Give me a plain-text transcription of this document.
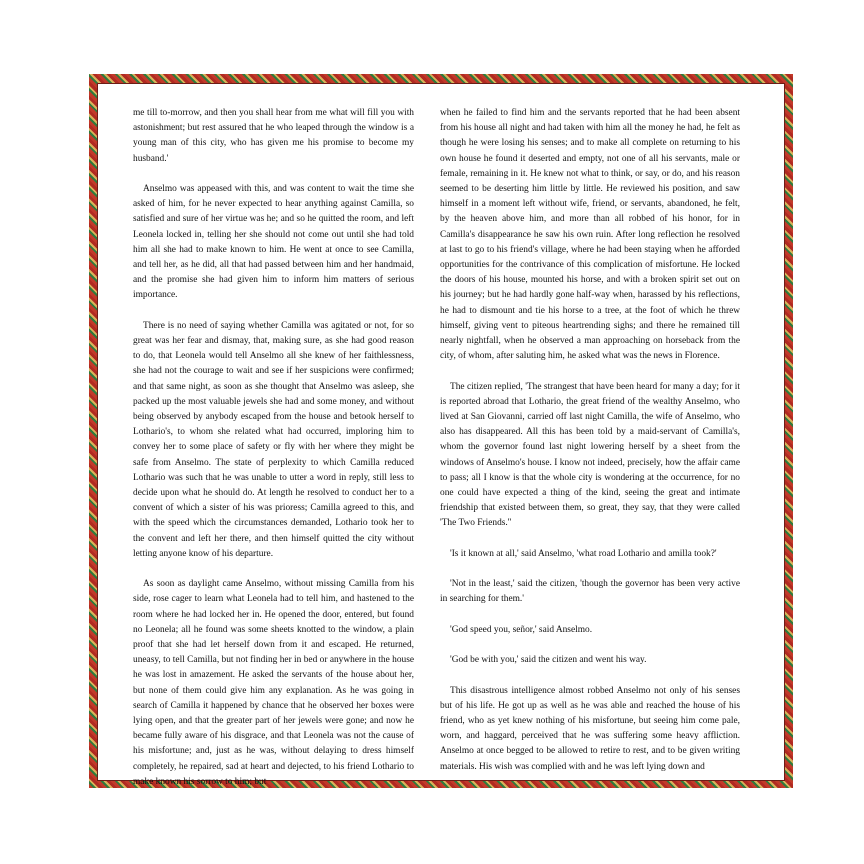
me till to-morrow, and then you shall hear from me what will fill you with astonishment; but rest assured that he who leaped through the window is a young man of this city, who has given me his promise to become my husband.'

Anselmo was appeased with this, and was content to wait the time she asked of him, for he never expected to hear anything against Camilla, so satisfied and sure of her virtue was he; and so he quitted the room, and left Leonela locked in, telling her she should not come out until she had told him all she had to make known to him. He went at once to see Camilla, and tell her, as he did, all that had passed between him and her handmaid, and the promise she had given him to inform him matters of serious importance.

There is no need of saying whether Camilla was agitated or not, for so great was her fear and dismay, that, making sure, as she had good reason to do, that Leonela would tell Anselmo all she knew of her faithlessness, she had not the courage to wait and see if her suspicions were confirmed; and that same night, as soon as she thought that Anselmo was asleep, she packed up the most valuable jewels she had and some money, and without being observed by anybody escaped from the house and betook herself to Lothario's, to whom she related what had occurred, imploring him to convey her to some place of safety or fly with her where they might be safe from Anselmo. The state of perplexity to which Camilla reduced Lothario was such that he was unable to utter a word in reply, still less to decide upon what he should do. At length he resolved to conduct her to a convent of which a sister of his was prioress; Camilla agreed to this, and with the speed which the circumstances demanded, Lothario took her to the convent and left her there, and then himself quitted the city without letting anyone know of his departure.

As soon as daylight came Anselmo, without missing Camilla from his side, rose cager to learn what Leonela had to tell him, and hastened to the room where he had locked her in. He opened the door, entered, but found no Leonela; all he found was some sheets knotted to the window, a plain proof that she had let herself down from it and escaped. He returned, uneasy, to tell Camilla, but not finding her in bed or anywhere in the house he was lost in amazement. He asked the servants of the house about her, but none of them could give him any explanation. As he was going in search of Camilla it happened by chance that he observed her boxes were lying open, and that the greater part of her jewels were gone; and now he became fully aware of his disgrace, and that Leonela was not the cause of his misfortune; and, just as he was, without delaying to dress himself completely, he repaired, sad at heart and dejected, to his friend Lothario to make known his sorrow to him; but

when he failed to find him and the servants reported that he had been absent from his house all night and had taken with him all the money he had, he felt as though he were losing his senses; and to make all complete on returning to his own house he found it deserted and empty, not one of all his servants, male or female, remaining in it. He knew not what to think, or say, or do, and his reason seemed to be deserting him little by little. He reviewed his position, and saw himself in a moment left without wife, friend, or servants, abandoned, he felt, by the heaven above him, and more than all robbed of his honor, for in Camilla's disappearance he saw his own ruin. After long reflection he resolved at last to go to his friend's village, where he had been staying when he afforded opportunities for the contrivance of this complication of misfortune. He locked the doors of his house, mounted his horse, and with a broken spirit set out on his journey; but he had hardly gone half-way when, harassed by his reflections, he had to dismount and tie his horse to a tree, at the foot of which he threw himself, giving vent to piteous heartrending sighs; and there he remained till nearly nightfall, when he observed a man approaching on horseback from the city, of whom, after saluting him, he asked what was the news in Florence.

The citizen replied, 'The strangest that have been heard for many a day; for it is reported abroad that Lothario, the great friend of the wealthy Anselmo, who lived at San Giovanni, carried off last night Camilla, the wife of Anselmo, who also has disappeared. All this has been told by a maid-servant of Camilla's, whom the governor found last night lowering herself by a sheet from the windows of Anselmo's house. I know not indeed, precisely, how the affair came to pass; all I know is that the whole city is wondering at the occurrence, for no one could have expected a thing of the kind, seeing the great and intimate friendship that existed between them, so great, they say, that they were called 'The Two Friends.''

'Is it known at all,' said Anselmo, 'what road Lothario and amilla took?'

'Not in the least,' said the citizen, 'though the governor has been very active in searching for them.'

'God speed you, señor,' said Anselmo.

'God be with you,' said the citizen and went his way.

This disastrous intelligence almost robbed Anselmo not only of his senses but of his life. He got up as well as he was able and reached the house of his friend, who as yet knew nothing of his misfortune, but seeing him come pale, worn, and haggard, perceived that he was suffering some heavy affliction. Anselmo at once begged to be allowed to retire to rest, and to be given writing materials. His wish was complied with and he was left lying down and
